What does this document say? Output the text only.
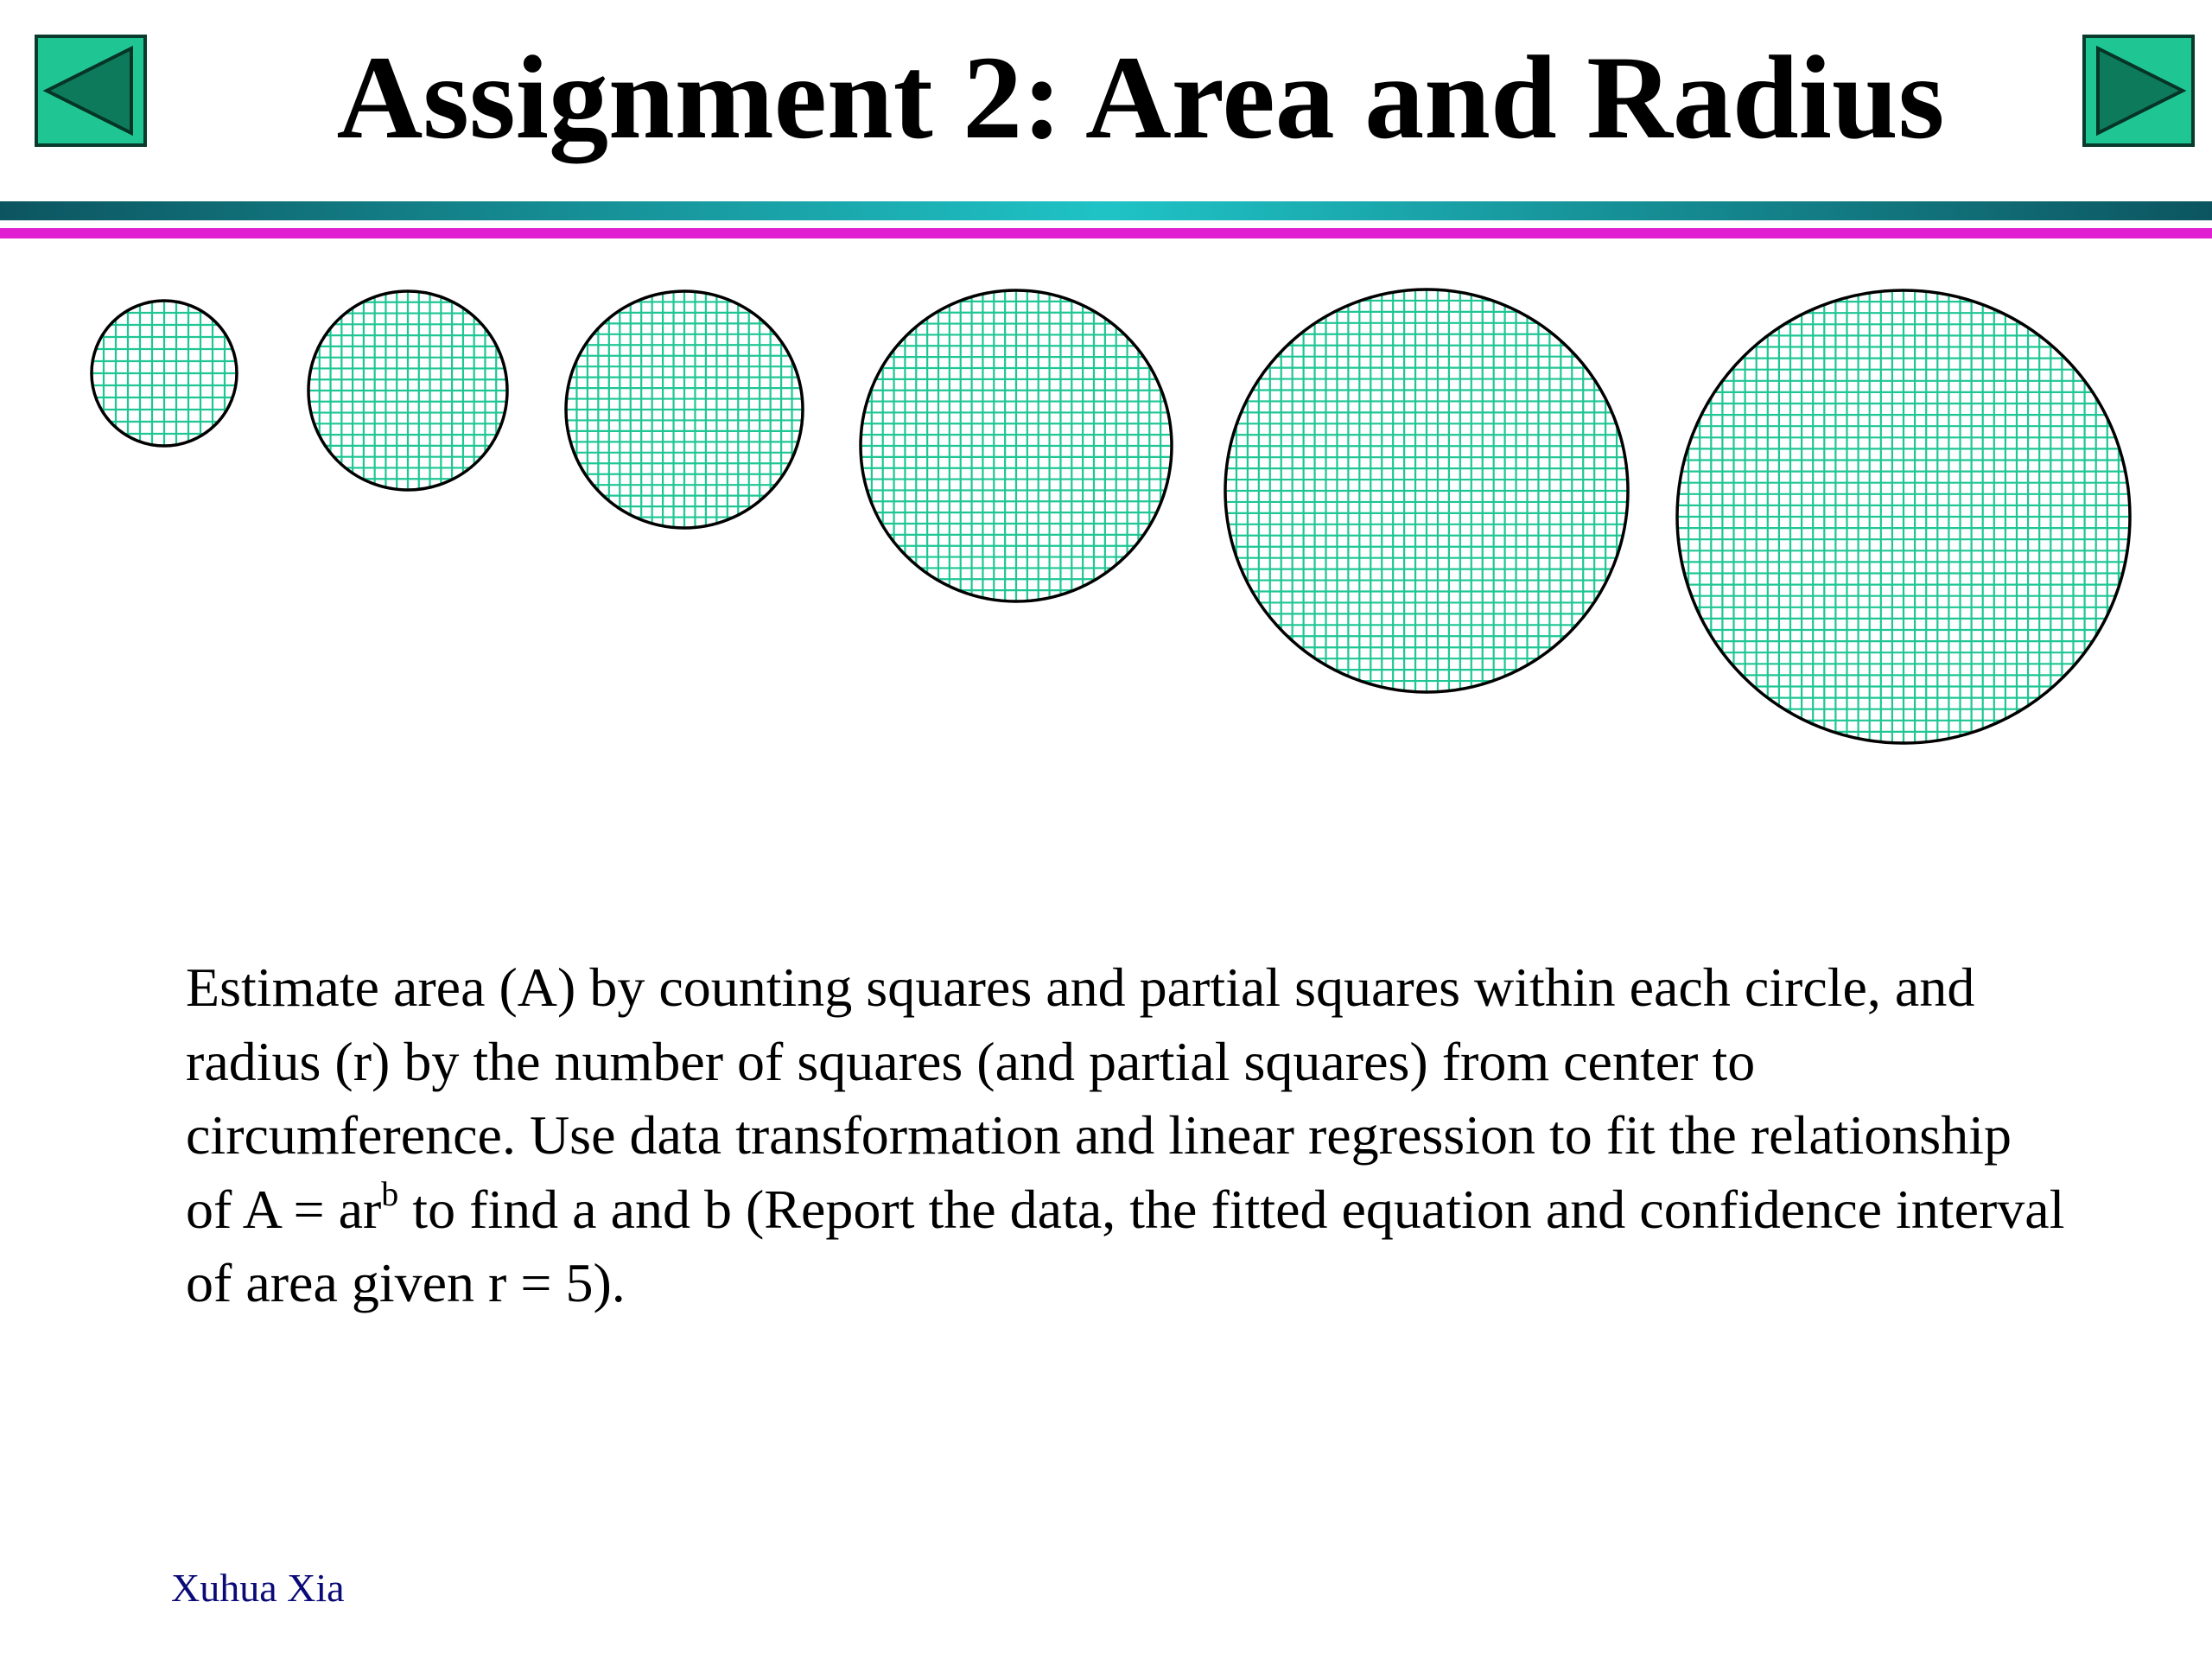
Assignment 2: Area and Radius

Estimate area (A) by counting squares and partial squares within each circle, and radius (r) by the number of squares (and partial squares) from center to circumference. Use data transformation and linear regression to fit the relationship of $A = ar^b$ to find a and b (Report the data, the fitted equation and confidence interval of area given r = 5).

Xuhua Xia
